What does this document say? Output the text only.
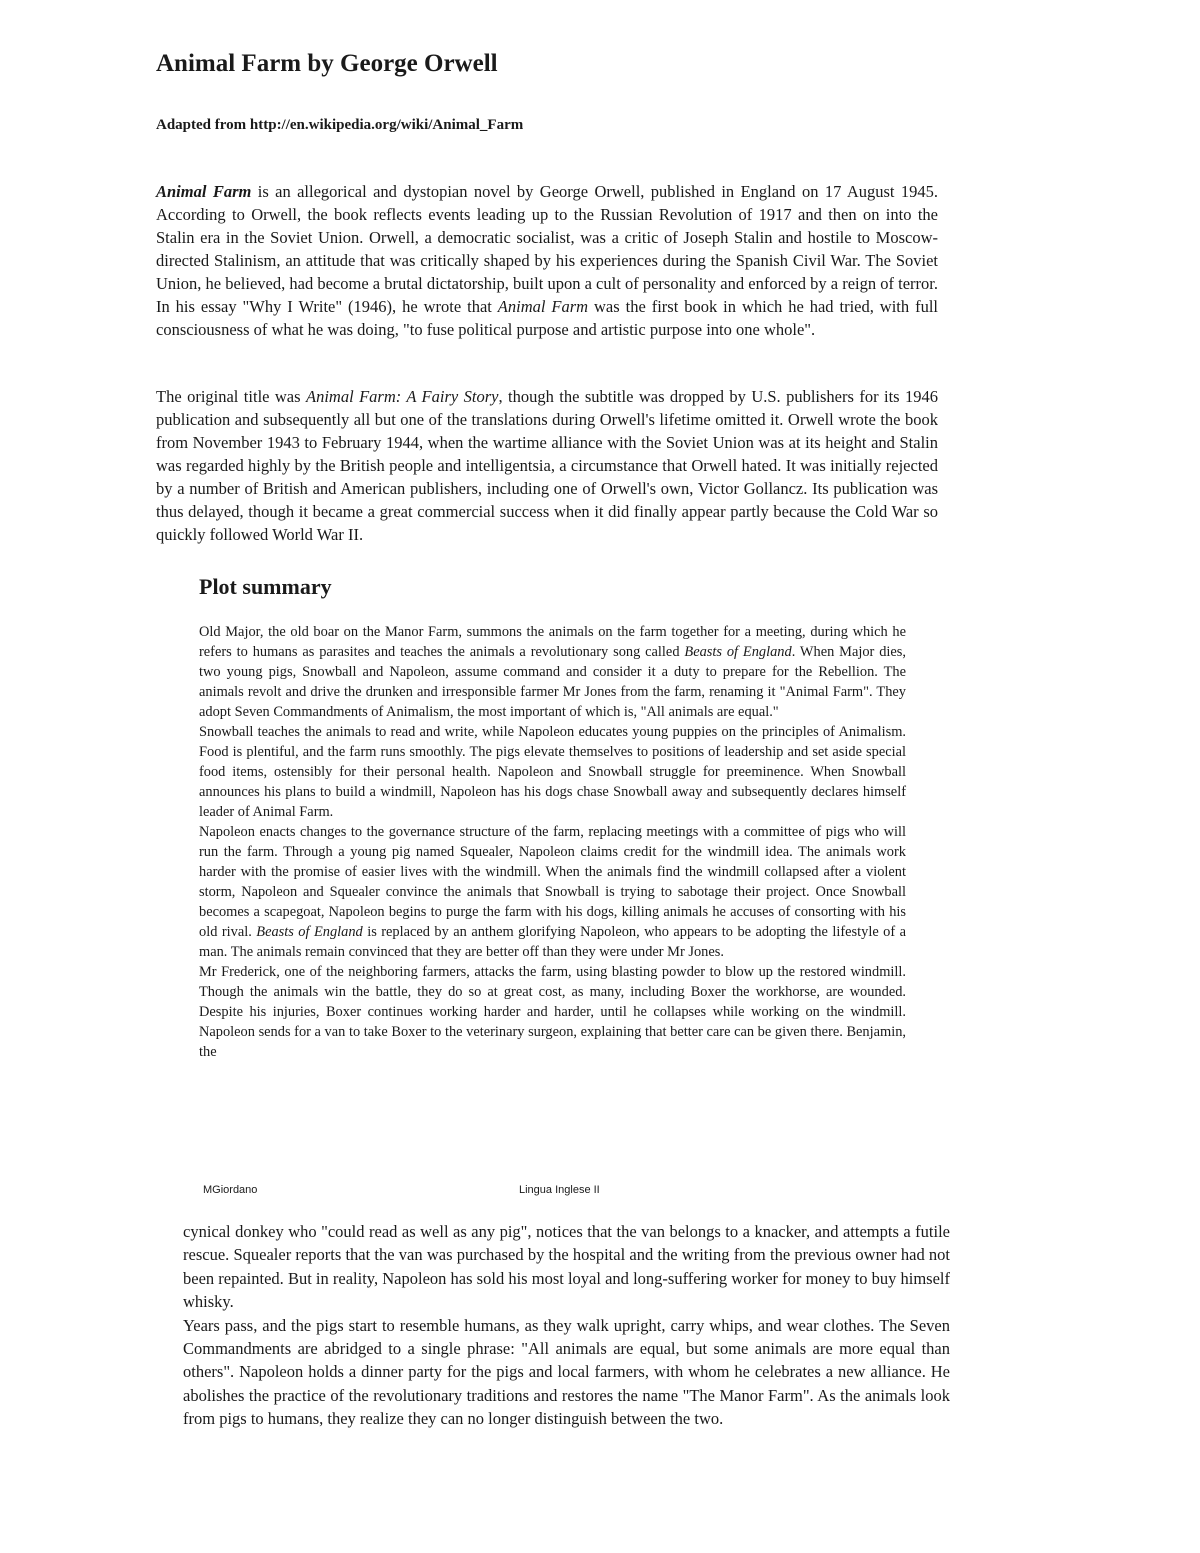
Animal Farm by George Orwell

Adapted from http://en.wikipedia.org/wiki/Animal_Farm

Animal Farm is an allegorical and dystopian novel by George Orwell, published in England on 17 August 1945. According to Orwell, the book reflects events leading up to the Russian Revolution of 1917 and then on into the Stalin era in the Soviet Union. Orwell, a democratic socialist, was a critic of Joseph Stalin and hostile to Moscow-directed Stalinism, an attitude that was critically shaped by his experiences during the Spanish Civil War. The Soviet Union, he believed, had become a brutal dictatorship, built upon a cult of personality and enforced by a reign of terror. In his essay "Why I Write" (1946), he wrote that Animal Farm was the first book in which he had tried, with full consciousness of what he was doing, "to fuse political purpose and artistic purpose into one whole".

The original title was Animal Farm: A Fairy Story, though the subtitle was dropped by U.S. publishers for its 1946 publication and subsequently all but one of the translations during Orwell's lifetime omitted it. Orwell wrote the book from November 1943 to February 1944, when the wartime alliance with the Soviet Union was at its height and Stalin was regarded highly by the British people and intelligentsia, a circumstance that Orwell hated. It was initially rejected by a number of British and American publishers, including one of Orwell's own, Victor Gollancz. Its publication was thus delayed, though it became a great commercial success when it did finally appear partly because the Cold War so quickly followed World War II.

Plot summary

Old Major, the old boar on the Manor Farm, summons the animals on the farm together for a meeting, during which he refers to humans as parasites and teaches the animals a revolutionary song called Beasts of England. When Major dies, two young pigs, Snowball and Napoleon, assume command and consider it a duty to prepare for the Rebellion. The animals revolt and drive the drunken and irresponsible farmer Mr Jones from the farm, renaming it "Animal Farm". They adopt Seven Commandments of Animalism, the most important of which is, "All animals are equal."

Snowball teaches the animals to read and write, while Napoleon educates young puppies on the principles of Animalism. Food is plentiful, and the farm runs smoothly. The pigs elevate themselves to positions of leadership and set aside special food items, ostensibly for their personal health. Napoleon and Snowball struggle for preeminence. When Snowball announces his plans to build a windmill, Napoleon has his dogs chase Snowball away and subsequently declares himself leader of Animal Farm.

Napoleon enacts changes to the governance structure of the farm, replacing meetings with a committee of pigs who will run the farm. Through a young pig named Squealer, Napoleon claims credit for the windmill idea. The animals work harder with the promise of easier lives with the windmill. When the animals find the windmill collapsed after a violent storm, Napoleon and Squealer convince the animals that Snowball is trying to sabotage their project. Once Snowball becomes a scapegoat, Napoleon begins to purge the farm with his dogs, killing animals he accuses of consorting with his old rival. Beasts of England is replaced by an anthem glorifying Napoleon, who appears to be adopting the lifestyle of a man. The animals remain convinced that they are better off than they were under Mr Jones.

Mr Frederick, one of the neighboring farmers, attacks the farm, using blasting powder to blow up the restored windmill. Though the animals win the battle, they do so at great cost, as many, including Boxer the workhorse, are wounded. Despite his injuries, Boxer continues working harder and harder, until he collapses while working on the windmill. Napoleon sends for a van to take Boxer to the veterinary surgeon, explaining that better care can be given there. Benjamin, the

MGiordano	Lingua Inglese II

cynical donkey who "could read as well as any pig", notices that the van belongs to a knacker, and attempts a futile rescue. Squealer reports that the van was purchased by the hospital and the writing from the previous owner had not been repainted. But in reality, Napoleon has sold his most loyal and long-suffering worker for money to buy himself whisky.

Years pass, and the pigs start to resemble humans, as they walk upright, carry whips, and wear clothes. The Seven Commandments are abridged to a single phrase: "All animals are equal, but some animals are more equal than others". Napoleon holds a dinner party for the pigs and local farmers, with whom he celebrates a new alliance. He abolishes the practice of the revolutionary traditions and restores the name "The Manor Farm". As the animals look from pigs to humans, they realize they can no longer distinguish between the two.
